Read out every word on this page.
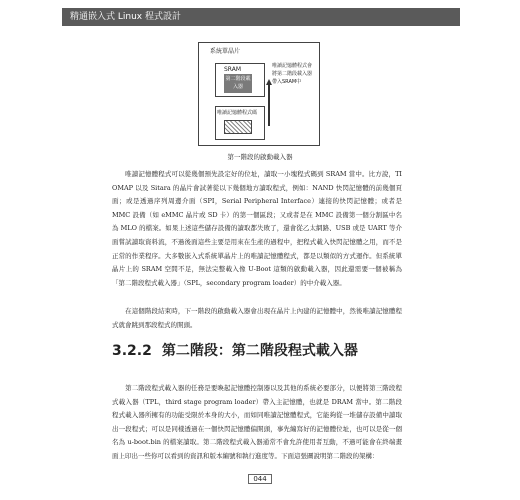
精通嵌入式 Linux 程式設計
系統單晶片
SRAM
第二階段載入器
唯讀記憶體程式碼
唯讀記憶體程式會將第二階段載入器帶入SRAM中
第一階段的啟動載入器
唯讀記憶體程式可以從幾個預先設定好的位址，讀取一小塊程式碼到 SRAM 當中。比方說，TI OMAP 以及 Sitara 的晶片會試著從以下幾個地方讀取程式，例如：NAND 快閃記憶體的前幾個頁面；或是透過序列周邊介面（SPI，Serial Peripheral Interface）連接的快閃記憶體；或者是 MMC 設備（如 eMMC 晶片或 SD 卡）的第一個區段；又或者是在 MMC 設備第一個分割區中名為 MLO 的檔案。如果上述這些儲存設備的讀取都失敗了，還會從乙太網路、USB 或是 UART 等介面嘗試讀取資料流，不過後面這些主要是用來在生產的過程中，把程式載入快閃記憶體之用，而不是正常的作業程序。大多數嵌入式系統單晶片上的唯讀記憶體程式，都是以類似的方式運作。但系統單晶片上的 SRAM 空間不足，無法完整載入像 U-Boot 這類的啟動載入器，因此還需要一個被稱為「第二階段程式載入器」（SPL，secondary program loader）的中介載入器。
在這個階段結束時，下一階段的啟動載入器會出現在晶片上內建的記憶體中，然後唯讀記憶體程式就會跳到那段程式的開頭。
3.2.2 第二階段：第二階段程式載入器
第二階段程式載入器的任務是要喚起記憶體控制器以及其他的系統必要部分，以便將第三階段程式載入器（TPL，third stage program loader）帶入主記憶體，也就是 DRAM 當中。第二階段程式載入器所擁有的功能受限於本身的大小，而如同唯讀記憶體程式，它能夠從一堆儲存設備中讀取出一段程式；可以是同樣透過在一個快閃記憶體偏開頭，事先編寫好的記憶體位址，也可以是從一個名為 u-boot.bin 的檔案讀取。第二階段程式載入器通常不會允許使用者互動，不過可能會在終端畫面上印出一些你可以看到的資訊和版本編號和執行進度等。下面這張圖說明第二階段的架構：
044
